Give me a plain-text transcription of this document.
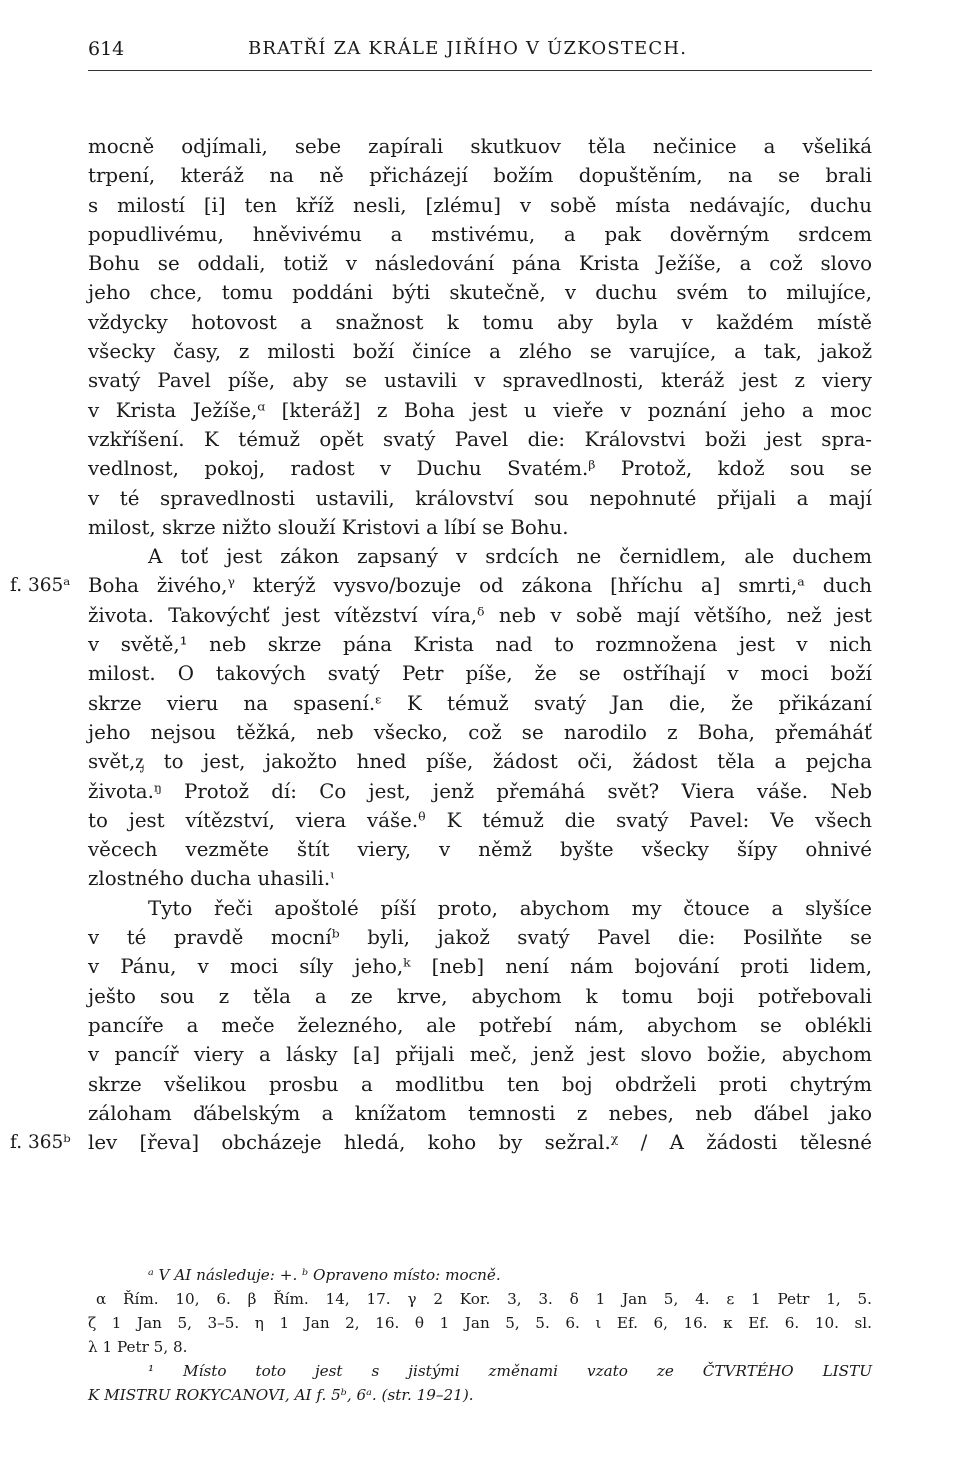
614	BRATŘÍ ZA KRÁLE JIŘÍHO V ÚZKOSTECH.
mocně odjímali, sebe zapírali skutkuov těla nečinice a všeliká
trpení, kteráž na ně přicházejí božím dopuštěním, na se brali
s milostí [i] ten kříž nesli, [zlému] v sobě místa nedávajíc, duchu
popudlivému, hněvivému a mstivému, a pak dověrným srdcem
Bohu se oddali, totiž v následování pána Krista Ježíše, a což slovo
jeho chce, tomu poddáni býti skutečně, v duchu svém to milujíce,
vždycky hotovost a snažnost k tomu aby byla v každém místě
všecky časy, z milosti boží činíce a zlého se varujíce, a tak, jakož
svatý Pavel píše, aby se ustavili v spravedlnosti, kteráž jest z viery
v Krista Ježíše,ᵅ [kteráž] z Boha jest u vieře v poznání jeho a moc
vzkříšení. K témuž opět svatý Pavel die: Královstvi boži jest spra-
vedlnost, pokoj, radost v Duchu Svatém.ᵝ Protož, kdož sou se
v té spravedlnosti ustavili, království sou nepohnuté přijali a mají
milost, skrze nižto slouží Kristovi a líbí se Bohu.
A toť jest zákon zapsaný v srdcích ne černidlem, ale duchem
f. 365ᵃ Boha živého,ᵞ kterýž vysvo/bozuje od zákona [hříchu a] smrti,ᵃ duch
života. Takovýchť jest vítězství víra,ᵟ neb v sobě mají většího, než jest
v světě,¹ neb skrze pána Krista nad to rozmnožena jest v nich
milost. O takových svatý Petr píše, že se ostříhají v moci boží
skrze vieru na spasení.ᵋ K témuž svatý Jan die, že přikázaní
jeho nejsou těžká, neb všecko, což se narodilo z Boha, přemáháť
svět,ᶎ to jest, jakožto hned píše, žádost oči, žádost těla a pejcha
života.ᵑ Protož dí: Co jest, jenž přemáhá svět? Viera váše. Neb
to jest vítězství, viera váše.ᶿ K témuž die svatý Pavel: Ve všech
věcech vezměte štít viery, v němž byšte všecky šípy ohnivé
zlostného ducha uhasili.ᶥ
Tyto řeči apoštolé píší proto, abychom my čtouce a slyšíce
v té pravdě mocníᵇ byli, jakož svatý Pavel die: Posilňte se
v Pánu, v moci síly jeho,ᵏ [neb] není nám bojování proti lidem,
ješto sou z těla a ze krve, abychom k tomu boji potřebovali
pancíře a meče železného, ale potřebí nám, abychom se oblékli
v pancíř viery a lásky [a] přijali meč, jenž jest slovo božie, abychom
skrze všelikou prosbu a modlitbu ten boj obdrželi proti chytrým
záloham ďábelským a knížatom temnosti z nebes, neb ďábel jako
f. 365ᵇ lev [řeva] obcházeje hledá, koho by sežral.ᵡ / A žádosti tělesné
ᵃ V AI následuje: +. ᵇ Opraveno místo: mocně.
α Řím. 10, 6. β Řím. 14, 17. γ 2 Kor. 3, 3. δ 1 Jan 5, 4. ε 1 Petr 1, 5.
ζ 1 Jan 5, 3–5. η 1 Jan 2, 16. θ 1 Jan 5, 5. 6. ι Ef. 6, 16. κ Ef. 6. 10. sl.
λ 1 Petr 5, 8.
¹ Místo toto jest s jistými změnami vzato ze ČTVRTÉHO LISTU
K MISTRU ROKYCANOVI, AI f. 5ᵇ, 6ᵃ. (str. 19–21).
